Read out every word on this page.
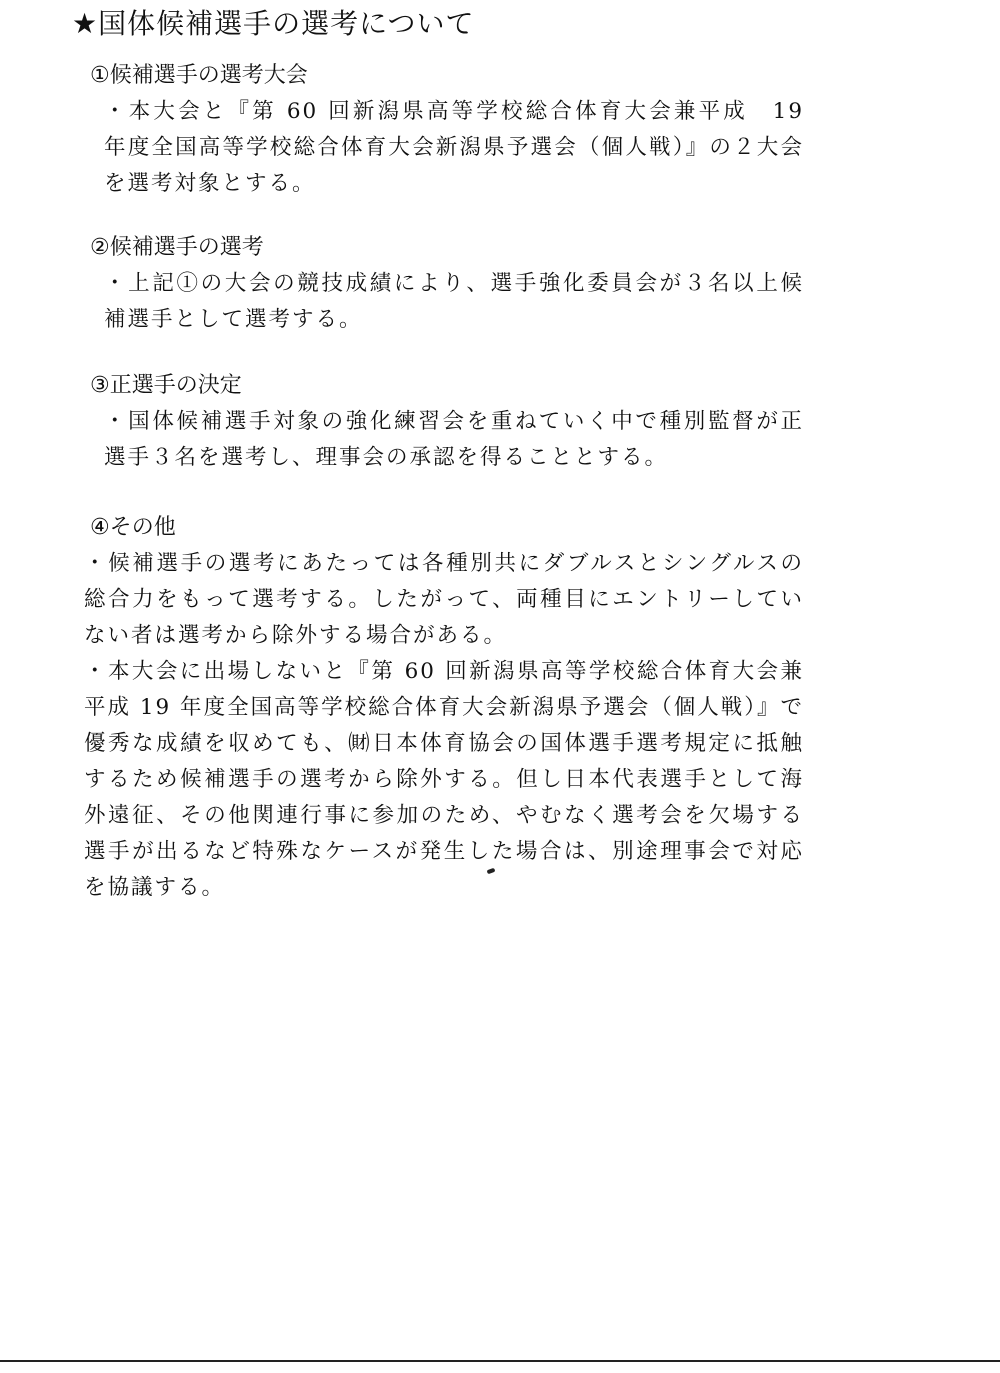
★国体候補選手の選考について
①候補選手の選考大会

・本大会と『第 60 回新潟県高等学校総合体育大会兼平成　19 年度全国高等学校総合体育大会新潟県予選会（個人戦）』の２大会を選考対象とする。

②候補選手の選考

・上記①の大会の競技成績により、選手強化委員会が３名以上候補選手として選考する。

③正選手の決定

・国体候補選手対象の強化練習会を重ねていく中で種別監督が正選手３名を選考し、理事会の承認を得ることとする。

④その他

・候補選手の選考にあたっては各種別共にダブルスとシングルスの総合力をもって選考する。したがって、両種目にエントリーしていない者は選考から除外する場合がある。

・本大会に出場しないと『第 60 回新潟県高等学校総合体育大会兼平成 19 年度全国高等学校総合体育大会新潟県予選会（個人戦）』で優秀な成績を収めても、㈶日本体育協会の国体選手選考規定に抵触するため候補選手の選考から除外する。但し日本代表選手として海外遠征、その他関連行事に参加のため、やむなく選考会を欠場する選手が出るなど特殊なケースが発生した場合は、別途理事会で対応を協議する。
